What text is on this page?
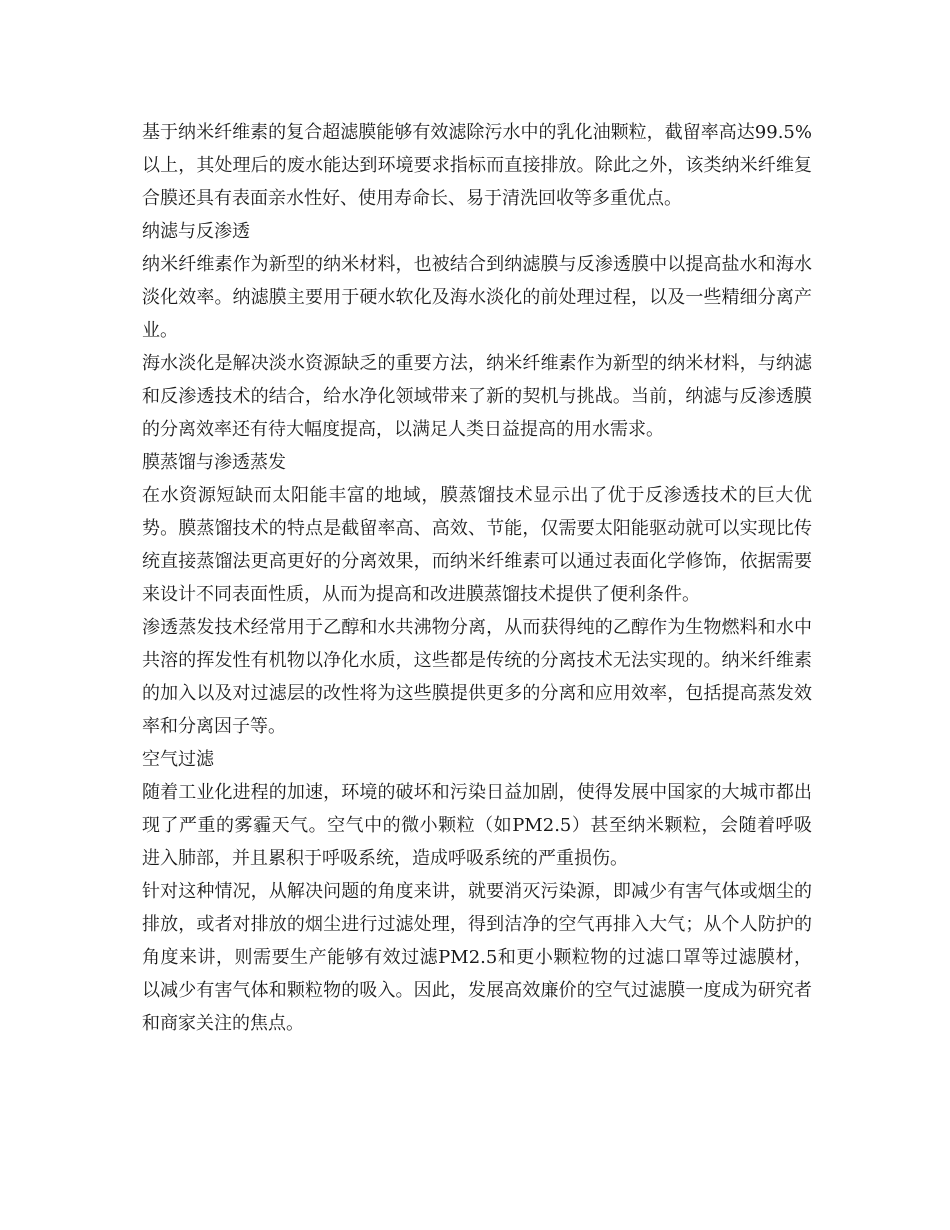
基于纳米纤维素的复合超滤膜能够有效滤除污水中的乳化油颗粒，截留率高达99.5%以上，其处理后的废水能达到环境要求指标而直接排放。除此之外，该类纳米纤维复合膜还具有表面亲水性好、使用寿命长、易于清洗回收等多重优点。

纳滤与反渗透

纳米纤维素作为新型的纳米材料，也被结合到纳滤膜与反渗透膜中以提高盐水和海水淡化效率。纳滤膜主要用于硬水软化及海水淡化的前处理过程，以及一些精细分离产业。

海水淡化是解决淡水资源缺乏的重要方法，纳米纤维素作为新型的纳米材料，与纳滤和反渗透技术的结合，给水净化领域带来了新的契机与挑战。当前，纳滤与反渗透膜的分离效率还有待大幅度提高，以满足人类日益提高的用水需求。

膜蒸馏与渗透蒸发

在水资源短缺而太阳能丰富的地域，膜蒸馏技术显示出了优于反渗透技术的巨大优势。膜蒸馏技术的特点是截留率高、高效、节能，仅需要太阳能驱动就可以实现比传统直接蒸馏法更高更好的分离效果，而纳米纤维素可以通过表面化学修饰，依据需要来设计不同表面性质，从而为提高和改进膜蒸馏技术提供了便利条件。

渗透蒸发技术经常用于乙醇和水共沸物分离，从而获得纯的乙醇作为生物燃料和水中共溶的挥发性有机物以净化水质，这些都是传统的分离技术无法实现的。纳米纤维素的加入以及对过滤层的改性将为这些膜提供更多的分离和应用效率，包括提高蒸发效率和分离因子等。

空气过滤

随着工业化进程的加速，环境的破坏和污染日益加剧，使得发展中国家的大城市都出现了严重的雾霾天气。空气中的微小颗粒（如PM2.5）甚至纳米颗粒，会随着呼吸进入肺部，并且累积于呼吸系统，造成呼吸系统的严重损伤。

针对这种情况，从解决问题的角度来讲，就要消灭污染源，即减少有害气体或烟尘的排放，或者对排放的烟尘进行过滤处理，得到洁净的空气再排入大气；从个人防护的角度来讲，则需要生产能够有效过滤PM2.5和更小颗粒物的过滤口罩等过滤膜材，以减少有害气体和颗粒物的吸入。因此，发展高效廉价的空气过滤膜一度成为研究者和商家关注的焦点。
